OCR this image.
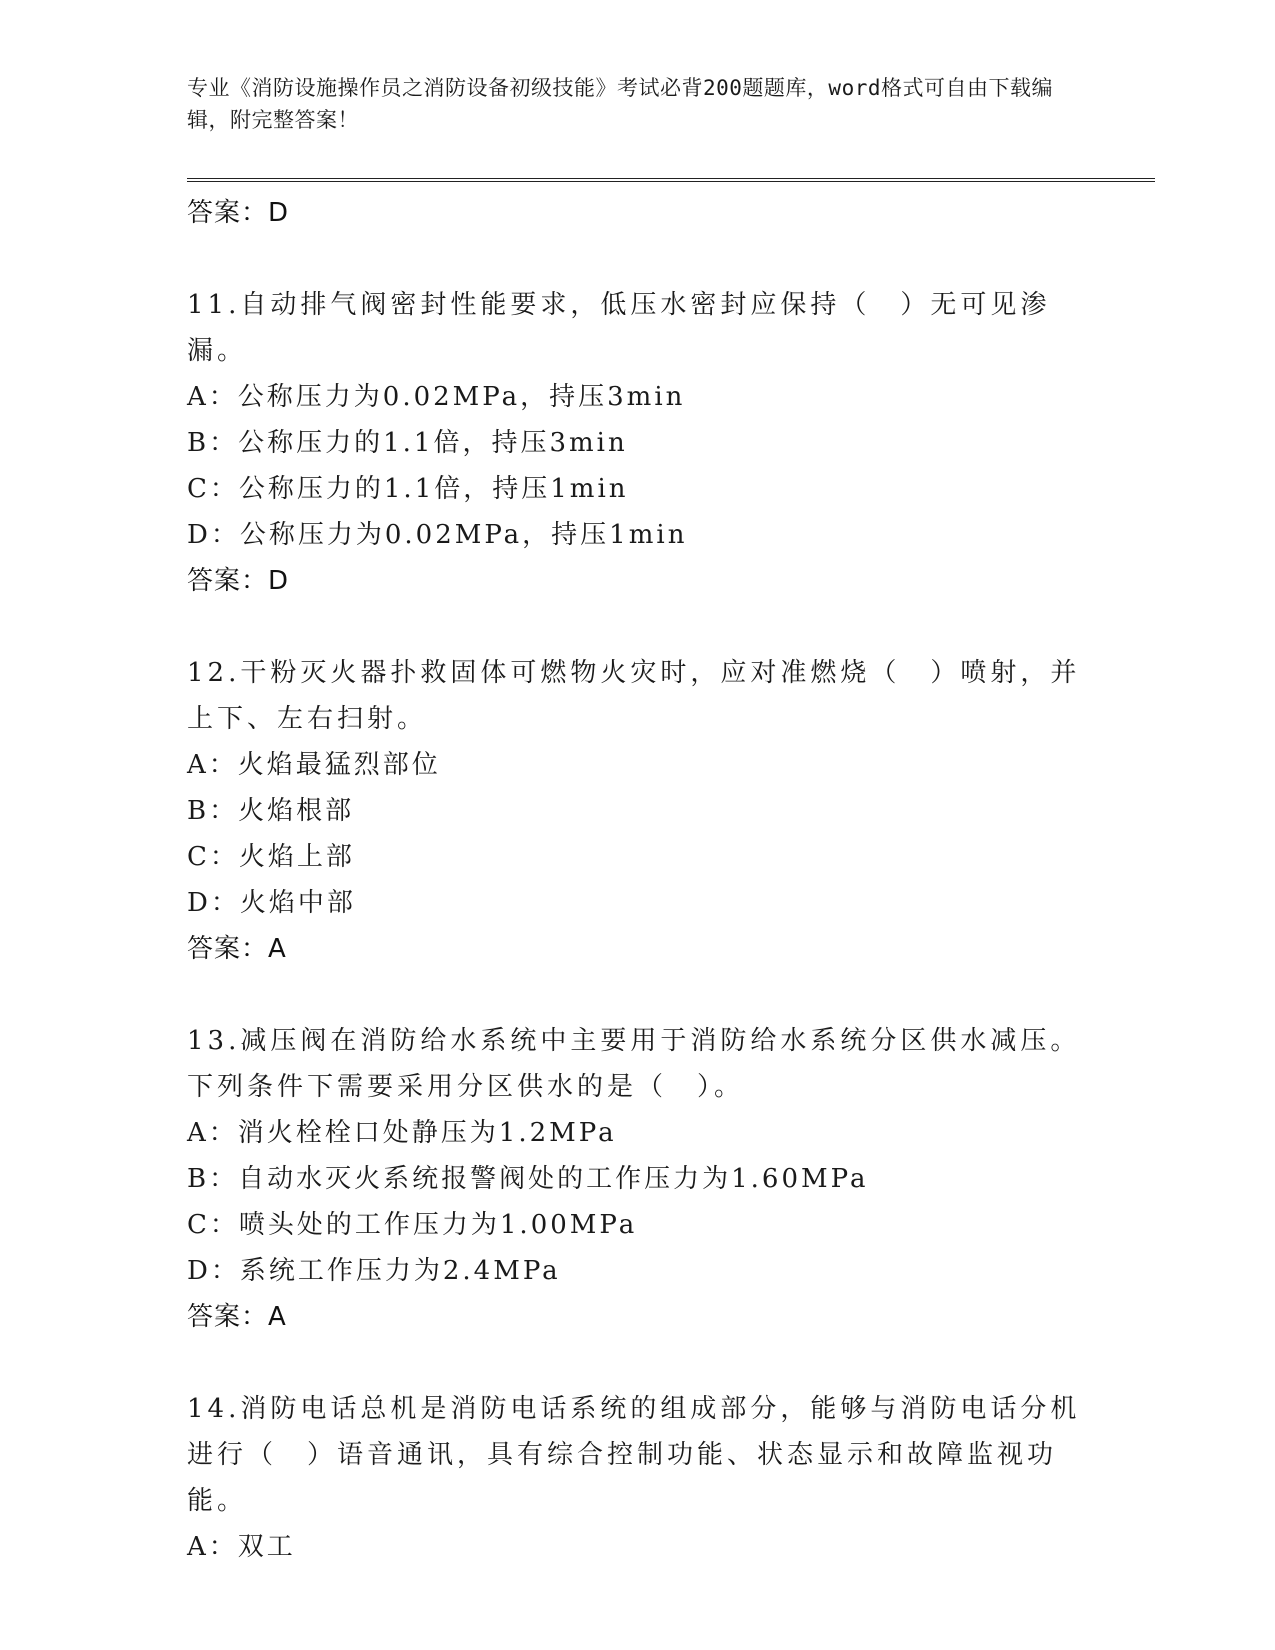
专业《消防设施操作员之消防设备初级技能》考试必背200题题库，word格式可自由下载编辑，附完整答案！
答案：D
11.自动排气阀密封性能要求，低压水密封应保持（　）无可见渗漏。
A：公称压力为0.02MPa，持压3min
B：公称压力的1.1倍，持压3min
C：公称压力的1.1倍，持压1min
D：公称压力为0.02MPa，持压1min
答案：D
12.干粉灭火器扑救固体可燃物火灾时，应对准燃烧（　）喷射，并上下、左右扫射。
A：火焰最猛烈部位
B：火焰根部
C：火焰上部
D：火焰中部
答案：A
13.减压阀在消防给水系统中主要用于消防给水系统分区供水减压。下列条件下需要采用分区供水的是（　）。
A：消火栓栓口处静压为1.2MPa
B：自动水灭火系统报警阀处的工作压力为1.60MPa
C：喷头处的工作压力为1.00MPa
D：系统工作压力为2.4MPa
答案：A
14.消防电话总机是消防电话系统的组成部分，能够与消防电话分机进行（　）语音通讯，具有综合控制功能、状态显示和故障监视功能。
A：双工
